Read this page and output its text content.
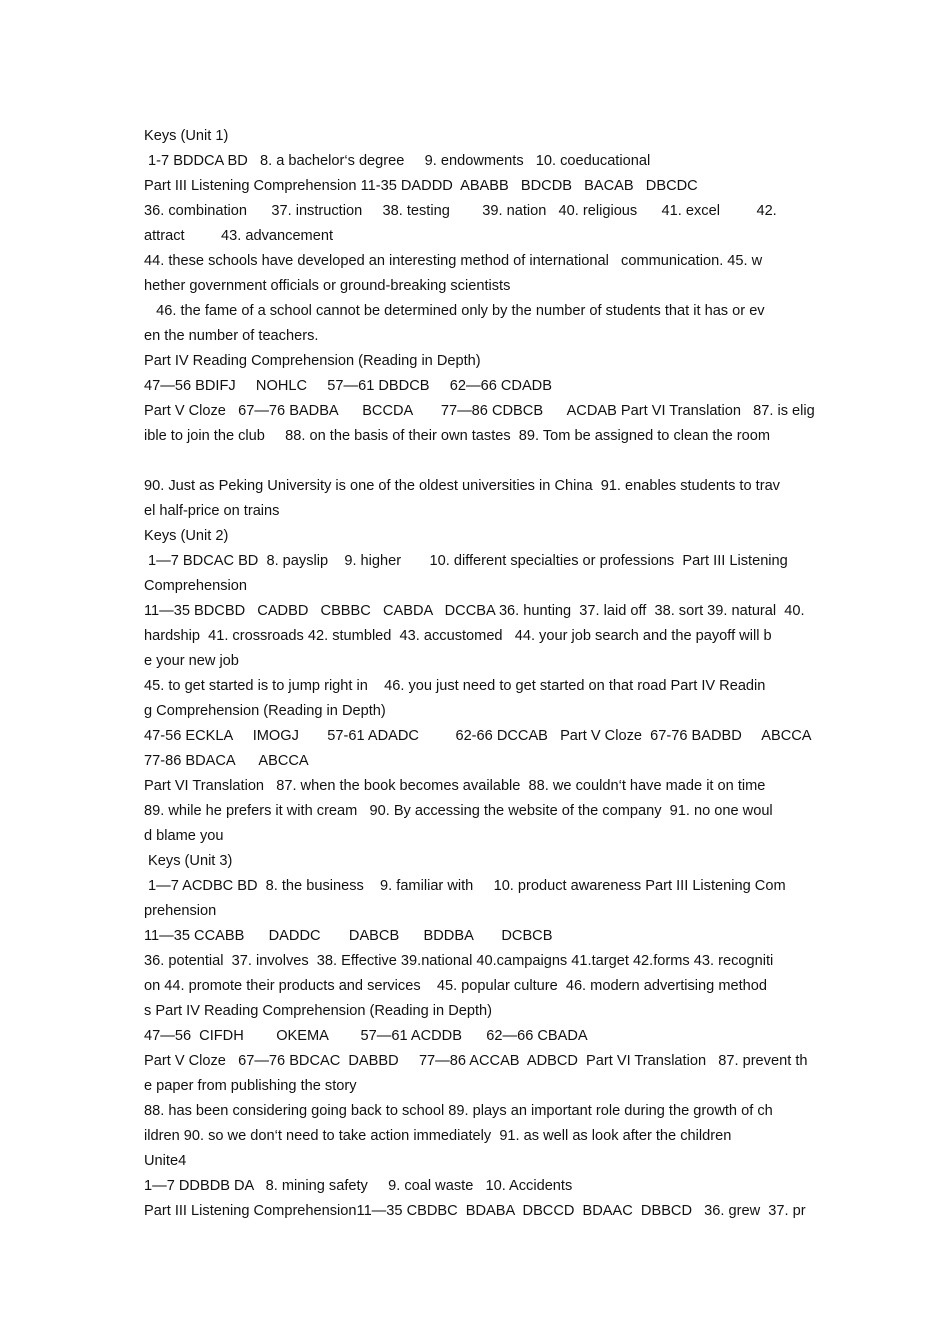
Keys (Unit 1)
1-7 BDDCA BD   8. a bachelor‘s degree     9. endowments   10. coeducational
Part III Listening Comprehension 11-35 DADDD  ABABB   BDCDB   BACAB   DBCDC
36. combination      37. instruction     38. testing        39. nation   40. religious      41. excel         42.
attract         43. advancement
44. these schools have developed an interesting method of international   communication. 45. w
hether government officials or ground-breaking scientists
46. the fame of a school cannot be determined only by the number of students that it has or ev
en the number of teachers.
Part IV Reading Comprehension (Reading in Depth)
47—56 BDIFJ     NOHLC     57—61 DBDCB     62—66 CDADB
Part V Cloze   67—76 BADBA      BCCDA       77—86 CDBCB      ACDAB Part VI Translation   87. is elig
ible to join the club     88. on the basis of their own tastes  89. Tom be assigned to clean the room
90. Just as Peking University is one of the oldest universities in China  91. enables students to trav
el half-price on trains
Keys (Unit 2)
1—7 BDCAC BD  8. payslip    9. higher       10. different specialties or professions  Part III Listening
Comprehension
11—35 BDCBD   CADBD   CBBBC   CABDA   DCCBA 36. hunting  37. laid off  38. sort 39. natural  40.
hardship  41. crossroads 42. stumbled  43. accustomed   44. your job search and the payoff will b
e your new job
45. to get started is to jump right in    46. you just need to get started on that road Part IV Readin
g Comprehension (Reading in Depth)
47-56 ECKLA     IMOGJ       57-61 ADADC         62-66 DCCAB   Part V Cloze  67-76 BADBD     ABCCA
77-86 BDACA      ABCCA
Part VI Translation   87. when the book becomes available  88. we couldn‘t have made it on time
89. while he prefers it with cream   90. By accessing the website of the company  91. no one woul
d blame you
Keys (Unit 3)
1—7 ACDBC BD  8. the business    9. familiar with     10. product awareness Part III Listening Com
prehension
11—35 CCABB      DADDC       DABCB      BDDBA       DCBCB
36. potential  37. involves  38. Effective 39.national 40.campaigns 41.target 42.forms 43. recogniti
on 44. promote their products and services    45. popular culture  46. modern advertising method
s Part IV Reading Comprehension (Reading in Depth)
47—56  CIFDH        OKEMA        57—61 ACDDB      62—66 CBADA
Part V Cloze   67—76 BDCAC  DABBD     77—86 ACCAB  ADBCD  Part VI Translation   87. prevent th
e paper from publishing the story
88. has been considering going back to school 89. plays an important role during the growth of ch
ildren 90. so we don‘t need to take action immediately  91. as well as look after the children
Unite4
1—7 DDBDB DA   8. mining safety     9. coal waste   10. Accidents
Part III Listening Comprehension11—35 CBDBC  BDABA  DBCCD  BDAAC  DBBCD   36. grew  37. pr
